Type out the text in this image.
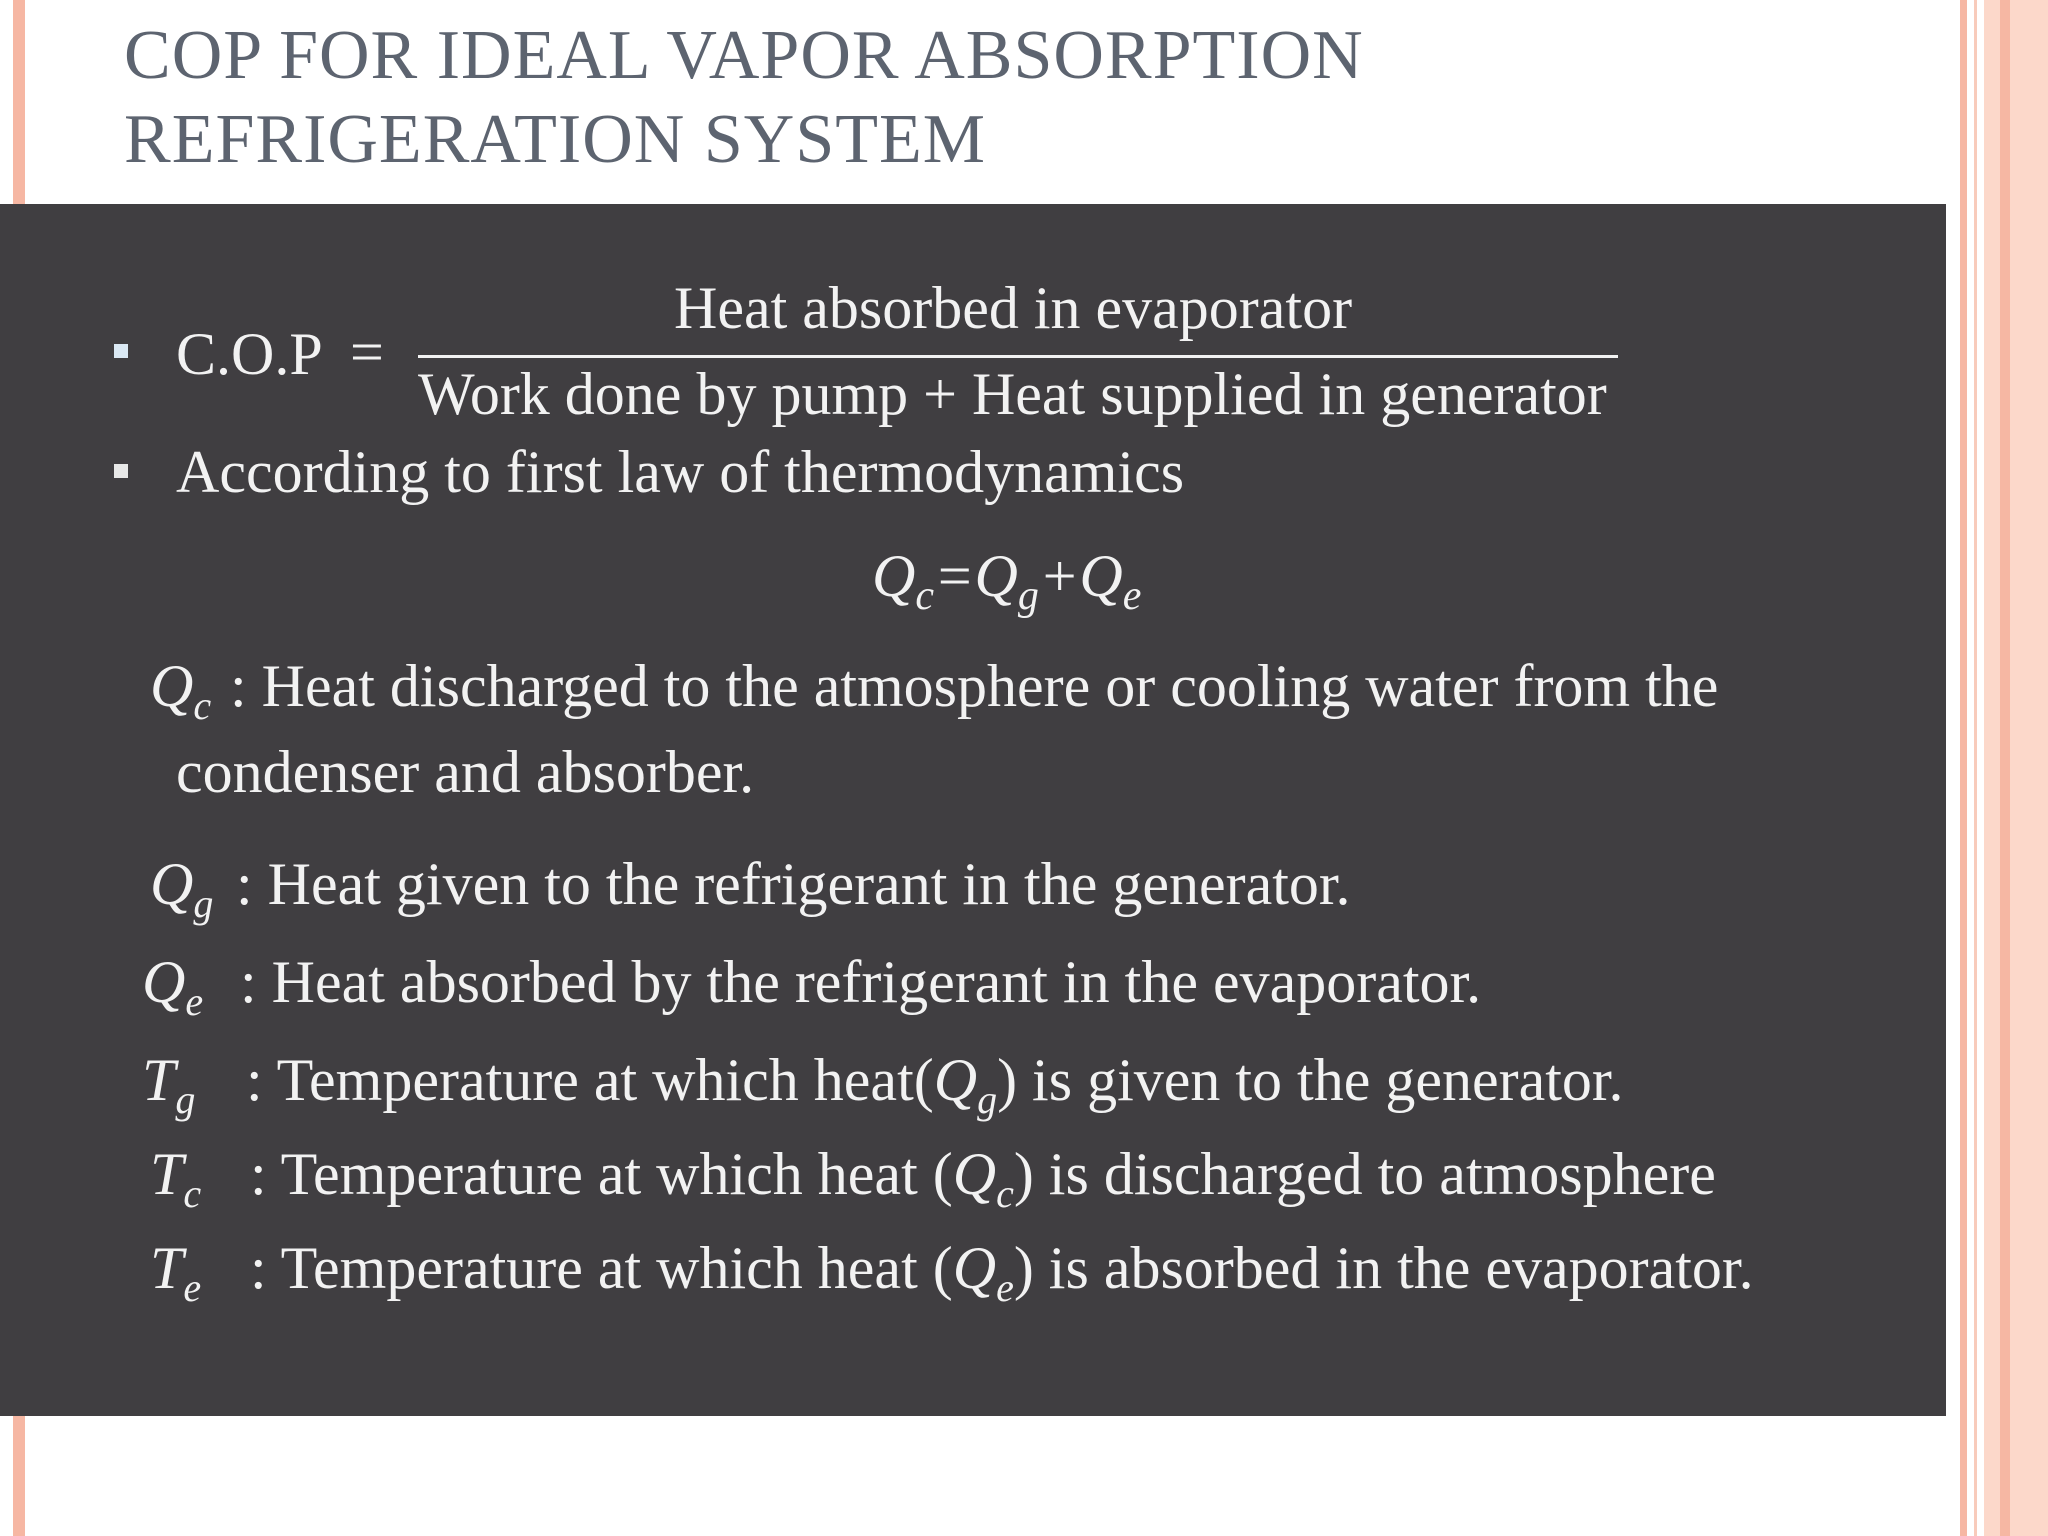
COP FOR IDEAL VAPOR ABSORPTION
REFRIGERATION SYSTEM
C.O.P =
Heat absorbed in evaporator
Work done by pump + Heat supplied in generator
According to first law of thermodynamics
$Q_c=Q_g+Q_e$
$Q_c$ : Heat discharged to the atmosphere or cooling water from the
condenser and absorber.
$Q_g$ : Heat given to the refrigerant in the generator.
$Q_e$ : Heat absorbed by the refrigerant in the evaporator.
$T_g$ : Temperature at which $heat(Q_g)$ is given to the generator.
$T_c$ : Temperature at which heat $(Q_c)$ is discharged to atmosphere
$T_e$ : Temperature at which heat $(Q_e)$ is absorbed in the evaporator.
